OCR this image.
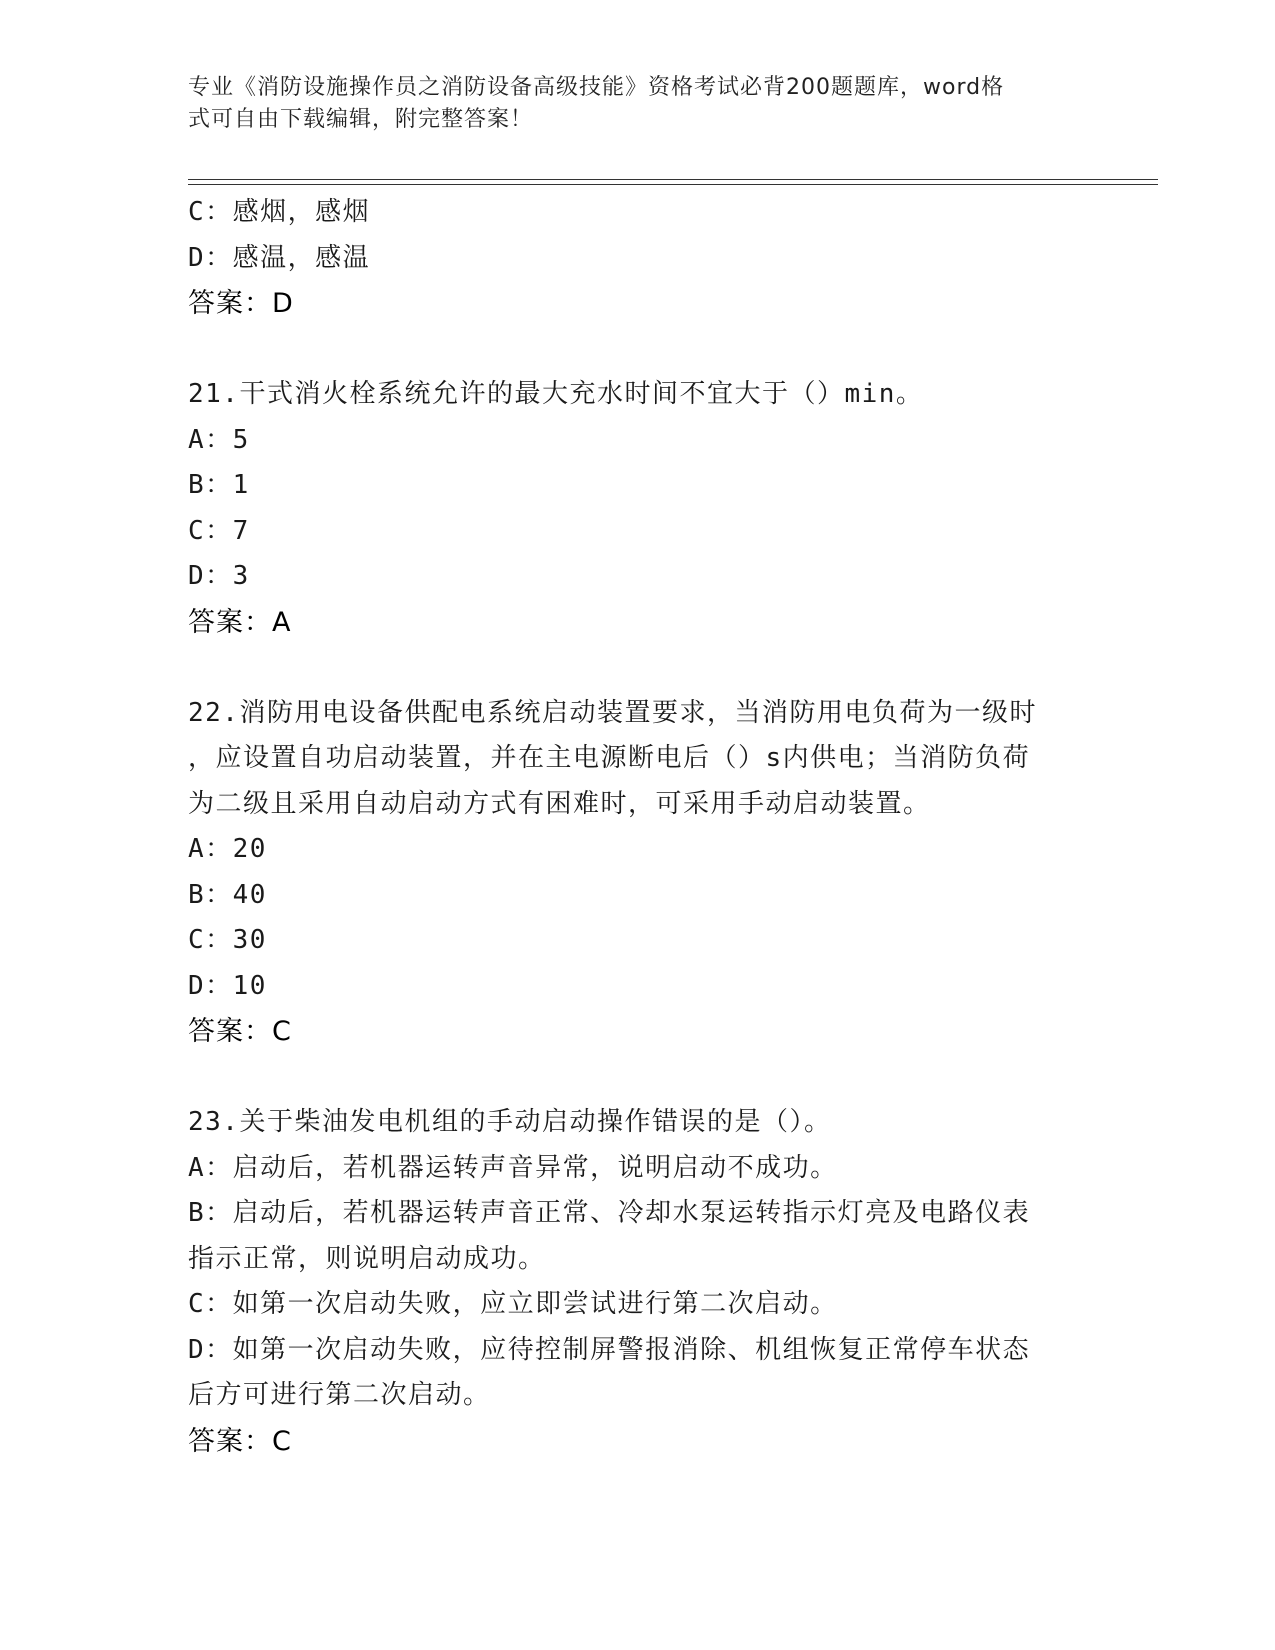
专业《消防设施操作员之消防设备高级技能》资格考试必背200题题库，word格
式可自由下载编辑，附完整答案！
C：感烟，感烟
D：感温，感温
答案：D
21.干式消火栓系统允许的最大充水时间不宜大于（）min。
A：5
B：1
C：7
D：3
答案：A
22.消防用电设备供配电系统启动装置要求，当消防用电负荷为一级时
，应设置自功启动装置，并在主电源断电后（）s内供电；当消防负荷
为二级且采用自动启动方式有困难时，可采用手动启动装置。
A：20
B：40
C：30
D：10
答案：C
23.关于柴油发电机组的手动启动操作错误的是（）。
A：启动后，若机器运转声音异常，说明启动不成功。
B：启动后，若机器运转声音正常、冷却水泵运转指示灯亮及电路仪表
指示正常，则说明启动成功。
C：如第一次启动失败，应立即尝试进行第二次启动。
D：如第一次启动失败，应待控制屏警报消除、机组恢复正常停车状态
后方可进行第二次启动。
答案：C
